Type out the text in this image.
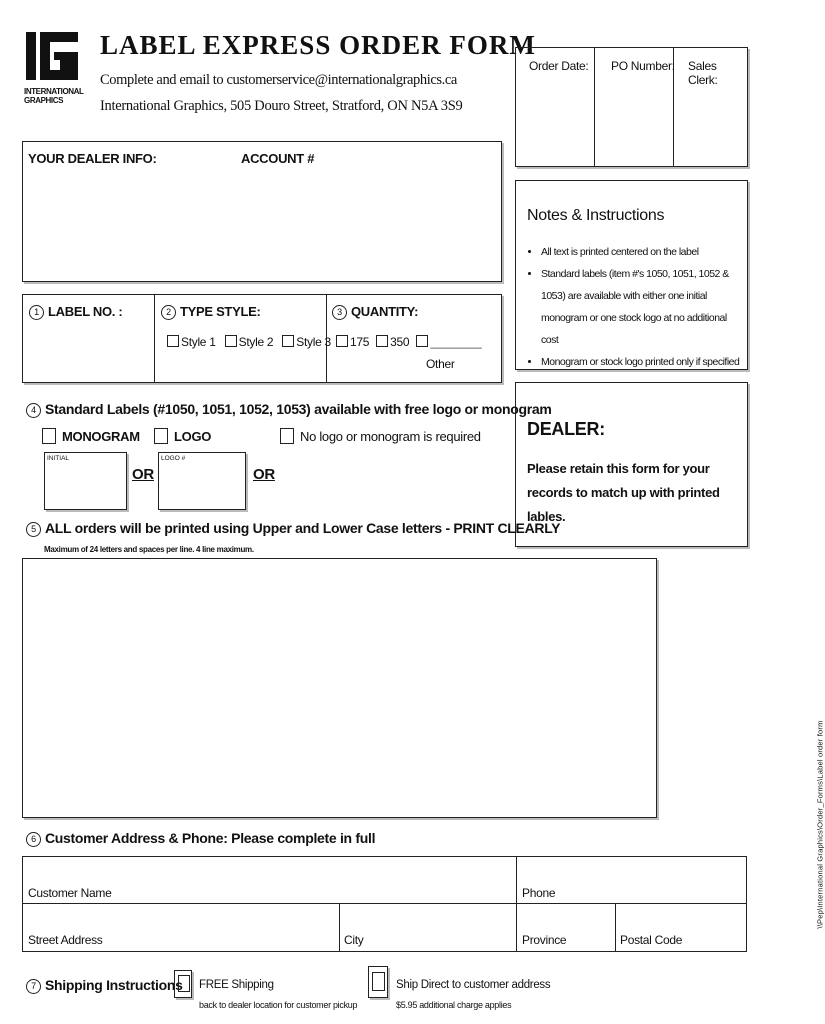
INTERNATIONAL GRAPHICS
LABEL EXPRESS ORDER FORM
Complete and email to customerservice@internationalgraphics.ca
International Graphics, 505 Douro Street, Stratford, ON N5A 3S9
Order Date: PO Number: Sales Clerk:
YOUR DEALER INFO:	ACCOUNT #
Notes & Instructions
• All text is printed centered on the label
• Standard labels (item #'s 1050, 1051, 1052 & 1053) are available with either one initial monogram or one stock logo at no additional cost
• Monogram or stock logo printed only if specified
DEALER:
Please retain this form for your records to match up with printed lables.
1 LABEL NO. :	2 TYPE STYLE:
Style 1 Style 2 Style 3
3 QUANTITY:
175 350 ________
Other
4 Standard Labels (#1050, 1051, 1052, 1053) available with free logo or monogram
MONOGRAM	LOGO	No logo or monogram is required
INITIAL
OR
LOGO #
OR
5 ALL orders will be printed using Upper and Lower Case letters - PRINT CLEARLY
Maximum of 24 letters and spaces per line. 4 line maximum.
6 Customer Address & Phone: Please complete in full
Customer Name	Phone
Street Address	City	Province	Postal Code
7 Shipping Instructions FREE Shipping
back to dealer location for customer pickup
Ship Direct to customer address
$5.95 additional charge applies
\\Pep\International Graphics\Order_Forms\Label order form
